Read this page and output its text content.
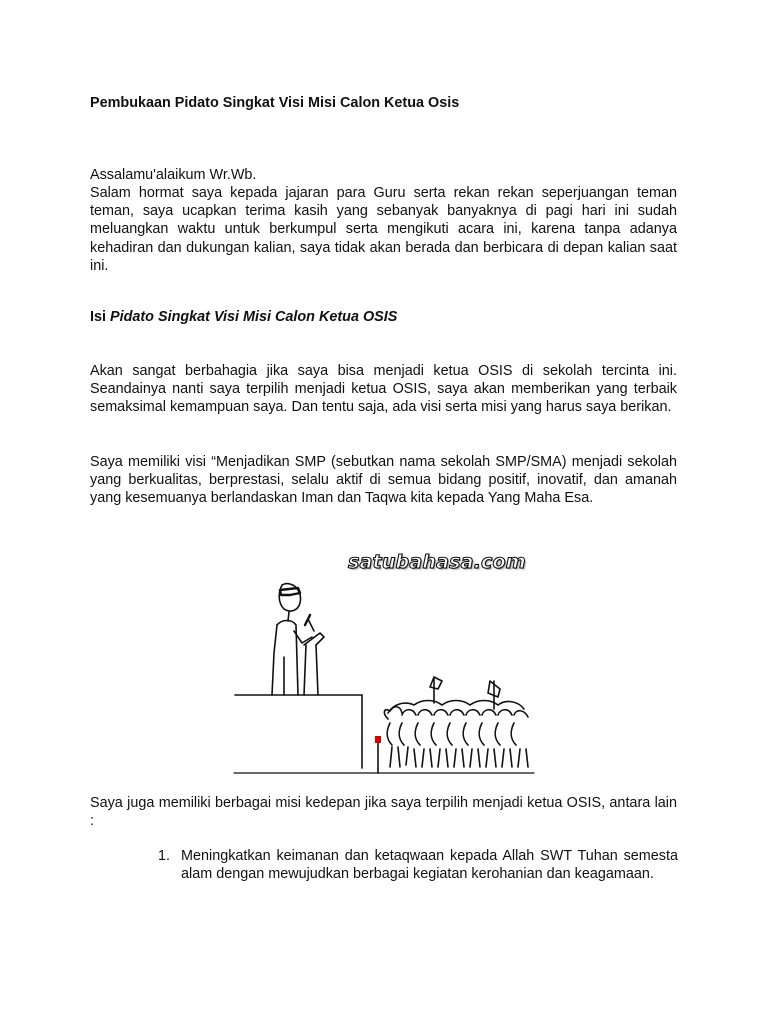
Pembukaan Pidato Singkat Visi Misi Calon Ketua Osis

Assalamu'alaikum Wr.Wb.

Salam hormat saya kepada jajaran para Guru serta rekan rekan seperjuangan teman teman, saya ucapkan terima kasih yang sebanyak banyaknya di pagi hari ini sudah meluangkan waktu untuk berkumpul serta mengikuti acara ini, karena tanpa adanya kehadiran dan dukungan kalian, saya tidak akan berada dan berbicara di depan kalian saat ini.

Isi Pidato Singkat Visi Misi Calon Ketua OSIS

Akan sangat berbahagia jika saya bisa menjadi ketua OSIS di sekolah tercinta ini. Seandainya nanti saya terpilih menjadi ketua OSIS, saya akan memberikan yang terbaik semaksimal kemampuan saya. Dan tentu saja, ada visi serta misi yang harus saya berikan.

Saya memiliki visi “Menjadikan SMP (sebutkan nama sekolah SMP/SMA) menjadi sekolah yang berkualitas, berprestasi, selalu aktif di semua bidang positif, inovatif, dan amanah yang kesemuanya berlandaskan Iman dan Taqwa kita kepada Yang Maha Esa.

satubahasa.com

Saya juga memiliki berbagai misi kedepan jika saya terpilih menjadi ketua OSIS, antara lain :

1. Meningkatkan keimanan dan ketaqwaan kepada Allah SWT Tuhan semesta alam dengan mewujudkan berbagai kegiatan kerohanian dan keagamaan.
